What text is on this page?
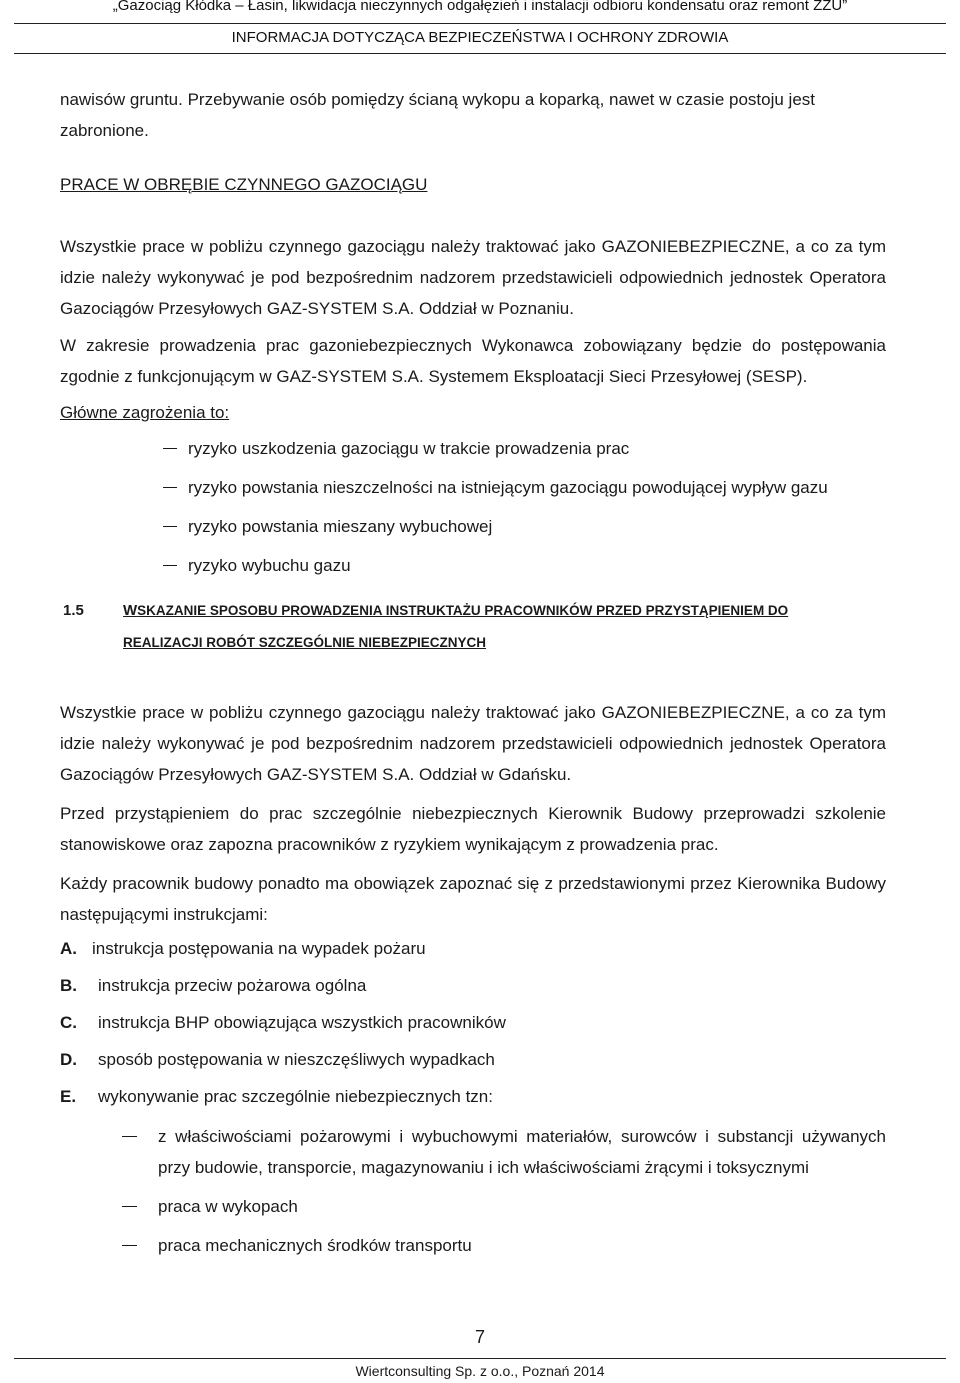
„Gazociąg Kłódka – Łasin, likwidacja nieczynnych odgałęzień i instalacji odbioru kondensatu oraz remont ZZU”
INFORMACJA DOTYCZĄCA BEZPIECZEŃSTWA I OCHRONY ZDROWIA

nawisów gruntu. Przebywanie osób pomiędzy ścianą wykopu a koparką, nawet w czasie postoju jest zabronione.

PRACE W OBRĘBIE CZYNNEGO GAZOCIĄGU

Wszystkie prace w pobliżu czynnego gazociągu należy traktować jako GAZONIEBEZPIECZNE, a co za tym idzie należy wykonywać je pod bezpośrednim nadzorem przedstawicieli odpowiednich jednostek Operatora Gazociągów Przesyłowych GAZ-SYSTEM S.A. Oddział w Poznaniu.

W zakresie prowadzenia prac gazoniebezpiecznych Wykonawca zobowiązany będzie do postępowania zgodnie z funkcjonującym w GAZ-SYSTEM S.A. Systemem Eksploatacji Sieci Przesyłowej (SESP).

Główne zagrożenia to:

ryzyko uszkodzenia gazociągu w trakcie prowadzenia prac
ryzyko powstania nieszczelności na istniejącym gazociągu powodującej wypływ gazu
ryzyko powstania mieszany wybuchowej
ryzyko wybuchu gazu
1.5	WSKAZANIE SPOSOBU PROWADZENIA INSTRUKTAŻU PRACOWNIKÓW PRZED PRZYSTĄPIENIEM DO
REALIZACJI ROBÓT SZCZEGÓLNIE NIEBEZPIECZNYCH

Wszystkie prace w pobliżu czynnego gazociągu należy traktować jako GAZONIEBEZPIECZNE, a co za tym idzie należy wykonywać je pod bezpośrednim nadzorem przedstawicieli odpowiednich jednostek Operatora Gazociągów Przesyłowych GAZ-SYSTEM S.A. Oddział w Gdańsku.

Przed przystąpieniem do prac szczególnie niebezpiecznych Kierownik Budowy przeprowadzi szkolenie stanowiskowe oraz zapozna pracowników z ryzykiem wynikającym z prowadzenia prac.

Każdy pracownik budowy ponadto ma obowiązek zapoznać się z przedstawionymi przez Kierownika Budowy następującymi instrukcjami:

A. instrukcja postępowania na wypadek pożaru
B. instrukcja przeciw pożarowa ogólna
C. instrukcja BHP obowiązująca wszystkich pracowników
D. sposób postępowania w nieszczęśliwych wypadkach
E. wykonywanie prac szczególnie niebezpiecznych tzn:
z właściwościami pożarowymi i wybuchowymi materiałów, surowców i substancji używanych przy budowie, transporcie, magazynowaniu i ich właściwościami żrącymi i toksycznymi
praca w wykopach
praca mechanicznych środków transportu
7
Wiertconsulting Sp. z o.o., Poznań 2014
